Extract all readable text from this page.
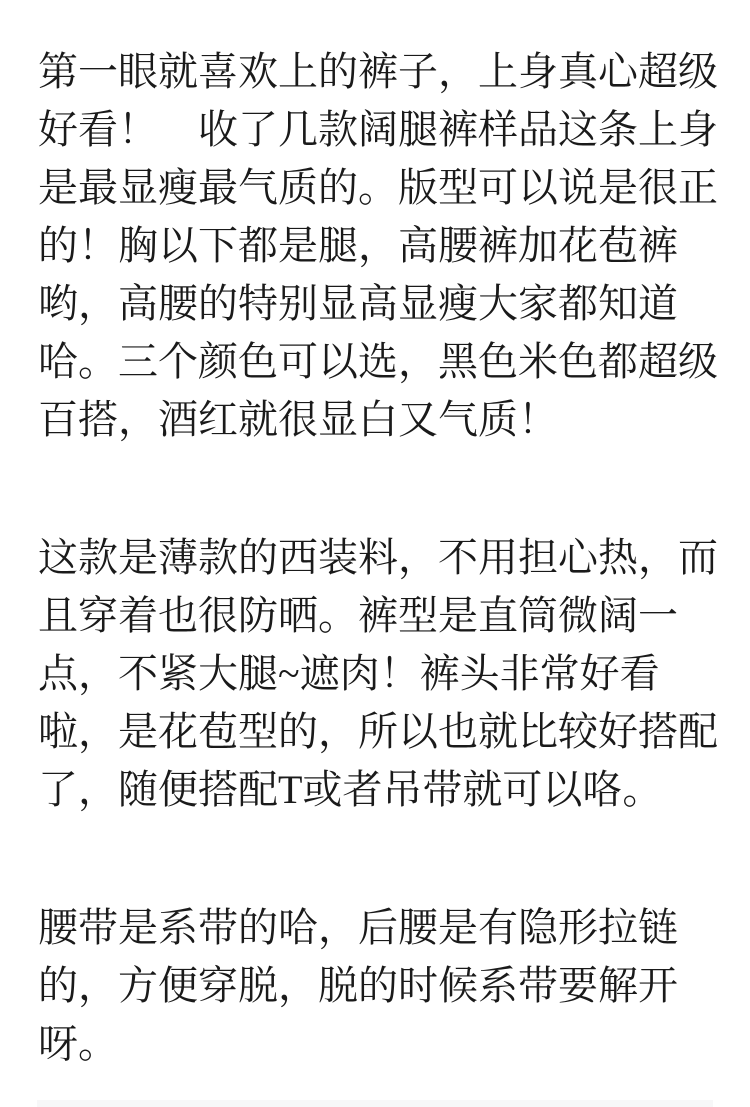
第一眼就喜欢上的裤子，上身真心超级
好看！　收了几款阔腿裤样品这条上身
是最显瘦最气质的。版型可以说是很正
的！胸以下都是腿，高腰裤加花苞裤
哟，高腰的特别显高显瘦大家都知道
哈。三个颜色可以选，黑色米色都超级
百搭，酒红就很显白又气质！
这款是薄款的西装料，不用担心热，而
且穿着也很防晒。裤型是直筒微阔一
点，不紧大腿~遮肉！裤头非常好看
啦，是花苞型的，所以也就比较好搭配
了，随便搭配T或者吊带就可以咯。
腰带是系带的哈，后腰是有隐形拉链
的，方便穿脱，脱的时候系带要解开
呀。
